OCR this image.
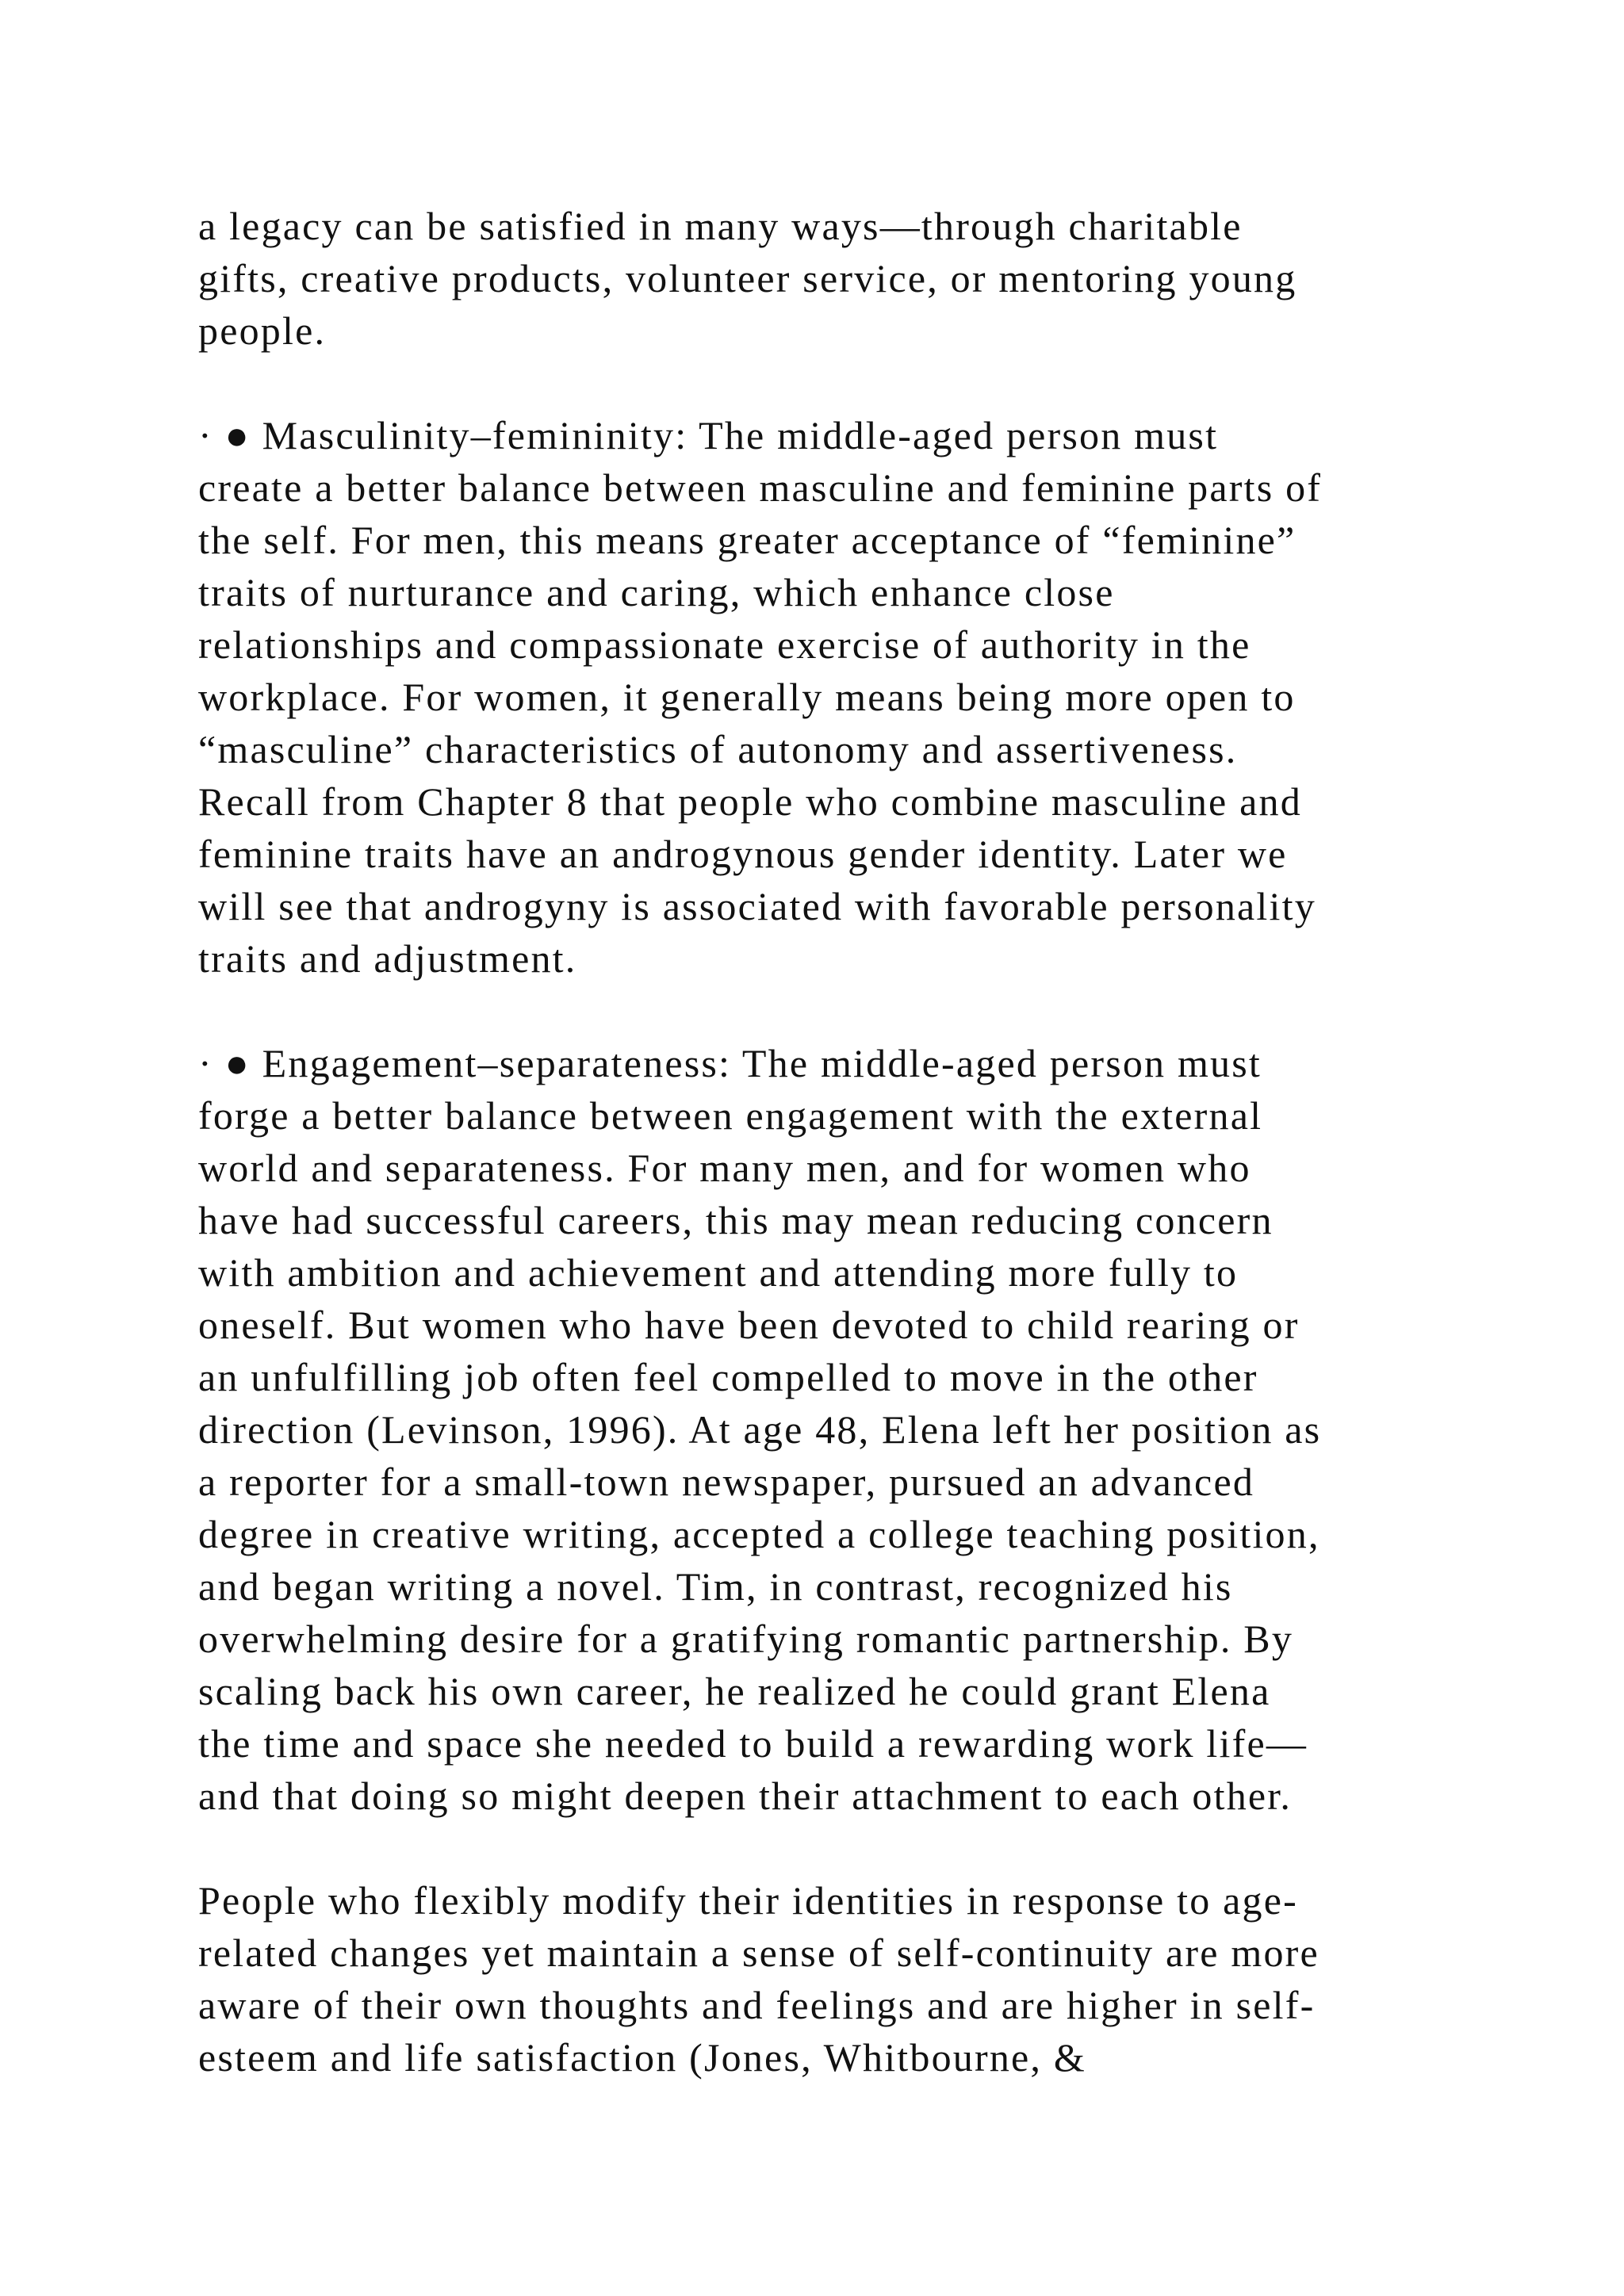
a legacy can be satisfied in many ways—through charitable
gifts, creative products, volunteer service, or mentoring young
people.
· ● Masculinity–femininity: The middle-aged person must
create a better balance between masculine and feminine parts of
the self. For men, this means greater acceptance of “feminine”
traits of nurturance and caring, which enhance close
relationships and compassionate exercise of authority in the
workplace. For women, it generally means being more open to
“masculine” characteristics of autonomy and assertiveness.
Recall from Chapter 8 that people who combine masculine and
feminine traits have an androgynous gender identity. Later we
will see that androgyny is associated with favorable personality
traits and adjustment.
· ● Engagement–separateness: The middle-aged person must
forge a better balance between engagement with the external
world and separateness. For many men, and for women who
have had successful careers, this may mean reducing concern
with ambition and achievement and attending more fully to
oneself. But women who have been devoted to child rearing or
an unfulfilling job often feel compelled to move in the other
direction (Levinson, 1996). At age 48, Elena left her position as
a reporter for a small-town newspaper, pursued an advanced
degree in creative writing, accepted a college teaching position,
and began writing a novel. Tim, in contrast, recognized his
overwhelming desire for a gratifying romantic partnership. By
scaling back his own career, he realized he could grant Elena
the time and space she needed to build a rewarding work life—
and that doing so might deepen their attachment to each other.
People who flexibly modify their identities in response to age-
related changes yet maintain a sense of self-continuity are more
aware of their own thoughts and feelings and are higher in self-
esteem and life satisfaction (Jones, Whitbourne, &
